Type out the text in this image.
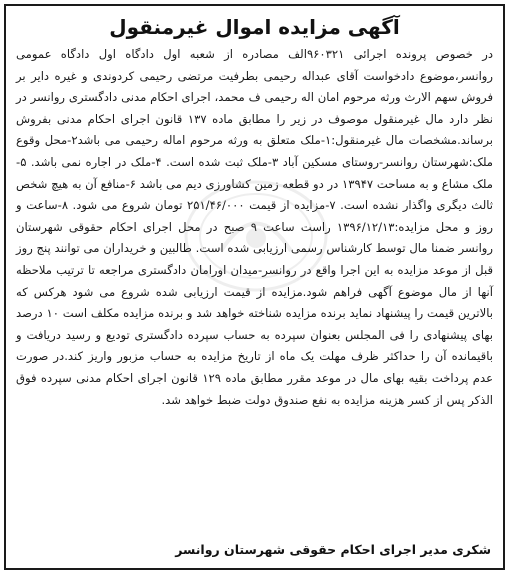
آگهی مزایده اموال غیرمنقول

در خصوص پرونده اجرائی ۹۶۰۳۲۱الف مصادره از شعبه اول دادگاه اول دادگاه عمومی روانسر،موضوع دادخواست آقای عبداله رحیمی بطرفیت مرتضی رحیمی کردوندی و غیره دایر بر فروش سهم الارث ورثه مرحوم امان اله رحیمی ف محمد، اجرای احکام مدنی دادگستری روانسر در نظر دارد مال غیرمنقول موصوف در زیر را مطابق ماده ۱۳۷ قانون اجرای احکام مدنی بفروش برساند.مشخصات مال غیرمنقول:۱-ملک متعلق به ورثه مرحوم اماله رحیمی می باشد۲-محل وقوع ملک:شهرستان روانسر-روستای مسکین آباد ۳-ملک ثبت شده است. ۴-ملک در اجاره نمی باشد. ۵-ملک مشاع و به مساحت ۱۳۹۴۷ در دو قطعه زمین کشاورزی دیم می باشد ۶-منافع آن به هیچ شخص ثالث دیگری واگذار نشده است. ۷-مزایده از قیمت ۲۵۱/۴۶/۰۰۰ تومان شروع می شود. ۸-ساعت و روز و محل مزایده:۱۳۹۶/۱۲/۱۳ راست ساعت ۹ صبح در محل اجرای احکام حقوقی شهرستان روانسر ضمنا مال توسط کارشناس رسمی ارزیابی شده است. طالبین و خریداران می توانند پنج روز قبل از موعد مزایده به این اجرا واقع در روانسر-میدان اورامان دادگستری مراجعه تا ترتیب ملاحظه آنها از مال موضوع آگهی فراهم شود.مزایده از قیمت ارزیابی شده شروع می شود هرکس که بالاترین قیمت را پیشنهاد نماید برنده مزایده شناخته خواهد شد و برنده مزایده مکلف است ۱۰ درصد بهای پیشنهادی را فی المجلس بعنوان سپرده به حساب سپرده دادگستری تودیع و رسید دریافت و باقیمانده آن را حداکثر ظرف مهلت یک ماه از تاریخ مزایده به حساب مزبور واریز کند.در صورت عدم پرداخت بقیه بهای مال در موعد مقرر مطابق ماده ۱۲۹ قانون اجرای احکام مدنی سپرده فوق الذکر پس از کسر هزینه مزایده به نفع صندوق دولت ضبط خواهد شد.

شکری مدیر اجرای احکام حقوقی شهرستان روانسر
